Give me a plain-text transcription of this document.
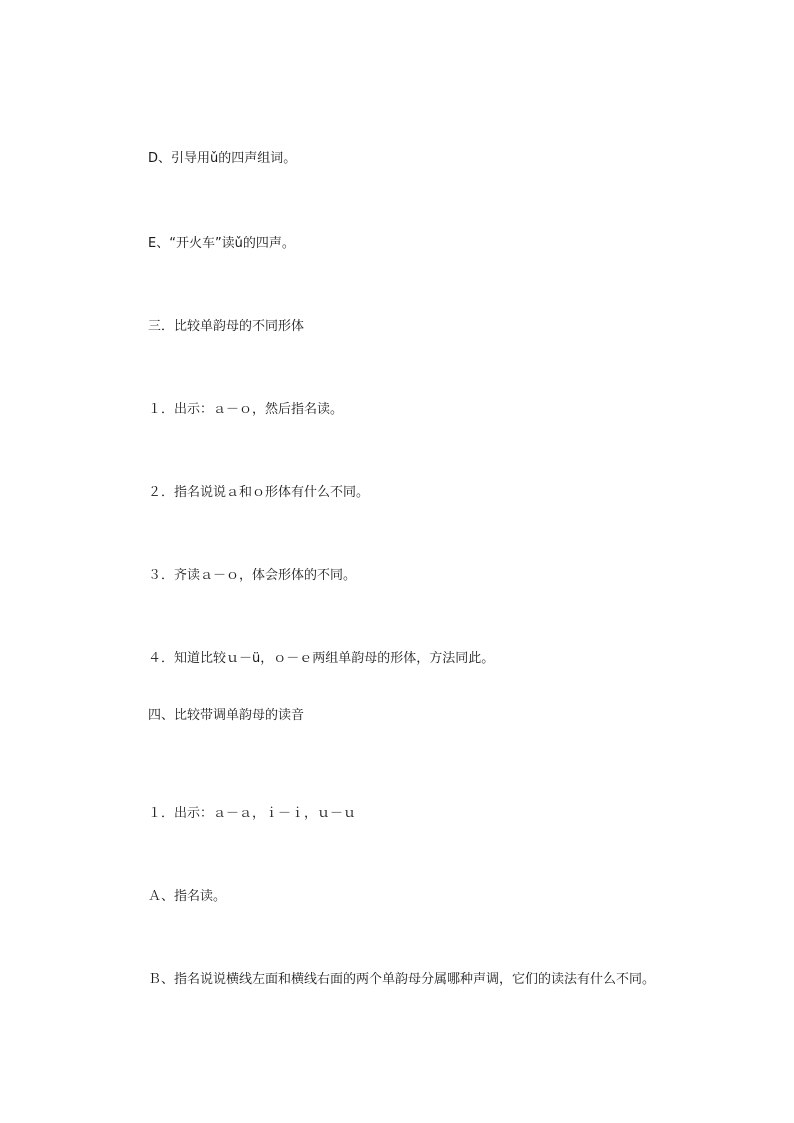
D、引导用ǔ的四声组词。
E、“开火车”读ǔ的四声。
三．比较单韵母的不同形体
１．出示：ａ－ｏ，然后指名读。
２．指名说说ａ和ｏ形体有什么不同。
３．齐读ａ－ｏ，体会形体的不同。
４．知道比较ｕ－ü，ｏ－ｅ两组单韵母的形体，方法同此。
四、比较带调单韵母的读音
１．出示：ａ－ａ，ｉ－ｉ，ｕ－ｕ
Ａ、指名读。
Ｂ、指名说说横线左面和横线右面的两个单韵母分属哪种声调，它们的读法有什么不同。
